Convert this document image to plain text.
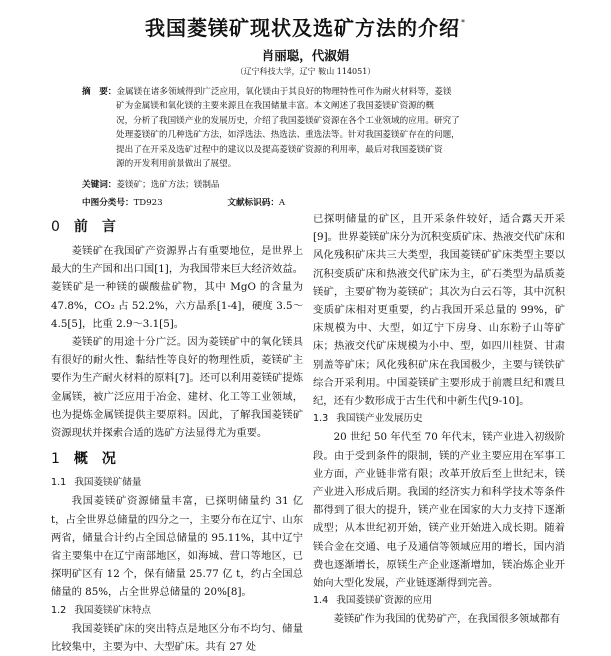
我国菱镁矿现状及选矿方法的介绍*
肖丽聪，代淑娟
（辽宁科技大学，辽宁 鞍山 114051）
摘　要：金属镁在诸多领域得到广泛应用，氧化镁由于其良好的物理特性可作为耐火材料等，菱镁
矿为金属镁和氧化镁的主要来源且在我国储量丰富。本文阐述了我国菱镁矿资源的概
况，分析了我国镁产业的发展历史，介绍了我国菱镁矿资源在各个工业领域的应用。研究了
处理菱镁矿的几种选矿方法，如浮选法、热选法、重选法等。针对我国菱镁矿存在的问题，
提出了在开采及选矿过程中的建议以及提高菱镁矿资源的利用率，最后对我国菱镁矿资
源的开发利用前景做出了展望。
关键词：菱镁矿；选矿方法；镁制品
中图分类号：TD923	文献标识码：A
0 前　言

菱镁矿在我国矿产资源界占有重要地位，是世界上最大的生产国和出口国[1]，为我国带来巨大经济效益。菱镁矿是一种镁的碳酸盐矿物，其中 MgO 的含量为 47.8%，CO₂ 占 52.2%，六方晶系[1-4]，硬度 3.5～4.5[5]，比重 2.9～3.1[5]。

菱镁矿的用途十分广泛。因为菱镁矿中的氧化镁具有很好的耐火性、黏结性等良好的物理性质，菱镁矿主要作为生产耐火材料的原料[7]。还可以利用菱镁矿提炼金属镁，被广泛应用于冶金、建材、化工等工业领域，也为提炼金属镁提供主要原料。因此，了解我国菱镁矿资源现状并探索合适的选矿方法显得尤为重要。

1 概　况
1.1 我国菱镁矿储量

我国菱镁矿资源储量丰富，已探明储量约 31 亿 t，占全世界总储量的四分之一，主要分布在辽宁、山东两省，储量合计约占全国总储量的 95.11%，其中辽宁省主要集中在辽宁南部地区，如海城、营口等地区，已探明矿区有 12 个，保有储量 25.77 亿 t，约占全国总储量的 85%，占全世界总储量的 20%[8]。

1.2 我国菱镁矿床特点

我国菱镁矿床的突出特点是地区分布不均匀、储量比较集中，主要为中、大型矿床。共有 27 处

已探明储量的矿区，且开采条件较好，适合露天开采[9]。世界菱镁矿床分为沉积变质矿床、热液交代矿床和风化残积矿床共三大类型，我国菱镁矿矿床类型主要以沉积变质矿床和热液交代矿床为主，矿石类型为晶质菱镁矿，主要矿物为菱镁矿；其次为白云石等，其中沉积变质矿床相对更重要，约占我国开采总量的 99%，矿床规模为中、大型，如辽宁下房身、山东粉子山等矿床；热液交代矿床规模为小中、型，如四川桂贤、甘肃别盖等矿床；风化残积矿床在我国极少，主要与镁铁矿综合开采利用。中国菱镁矿主要形成于前震旦纪和震旦纪，还有少数形成于古生代和中新生代[9-10]。

1.3 我国镁产业发展历史

20 世纪 50 年代至 70 年代末，镁产业进入初级阶段。由于受到条件的限制，镁的产业主要应用在军事工业方面，产业链非常有限；改革开放后至上世纪末，镁产业进入形成后期。我国的经济实力和科学技术等条件都得到了很大的提升，镁产业在国家的大力支持下逐渐成型；从本世纪初开始，镁产业开始进入成长期。随着镁合金在交通、电子及通信等领域应用的增长，国内消费也逐渐增长，原镁生产企业逐渐增加，镁冶炼企业开始向大型化发展，产业链逐渐得到完善。

1.4 我国菱镁矿资源的应用

菱镁矿作为我国的优势矿产，在我国很多领域都有
